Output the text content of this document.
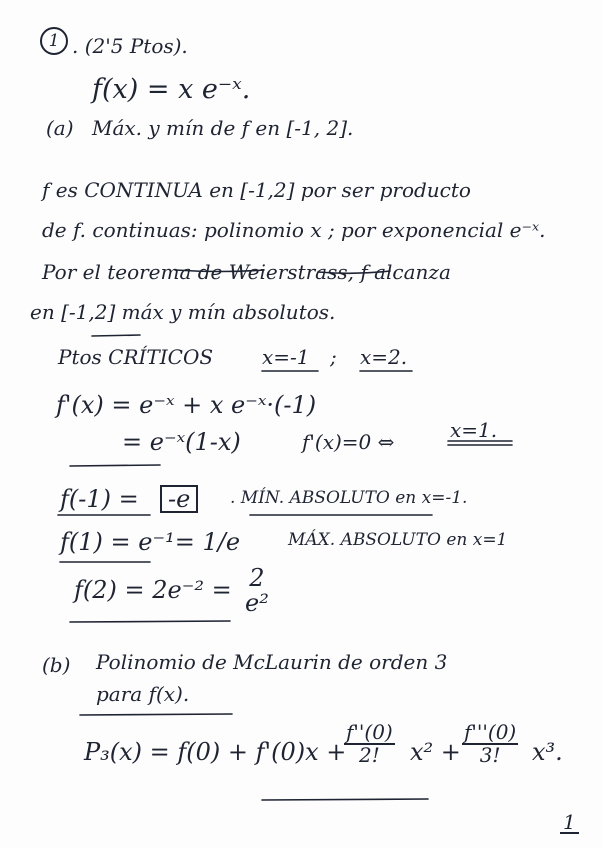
1 . (2'5 Ptos).
f(x) = x e⁻ˣ.
(a) Máx. y mín de f en [-1, 2].
f es CONTINUA en [-1,2] por ser producto
de f. continuas: polinomio x ; por exponencial e⁻ˣ.
Por el teorema de Weierstrass, f alcanza
en [-1,2] máx y mín absolutos.
Ptos CRÍTICOS x=-1 ; x=2.
f'(x) = e⁻ˣ + x e⁻ˣ·(-1)
= e⁻ˣ(1-x)	f'(x)=0 ⇔	x=1.
f(-1) =	-e	. MÍN. ABSOLUTO en x=-1.
f(1) = e⁻¹= 1/e	MÁX. ABSOLUTO en x=1
f(2) = 2e⁻² = 2
e²
(b) Polinomio de McLaurin de orden 3
para f(x).
P₃(x) = f(0) + f'(0)x +
$\frac{f''(0)}{2!} x^2 + \frac{f'''(0)}{3!} x^3$.
1
